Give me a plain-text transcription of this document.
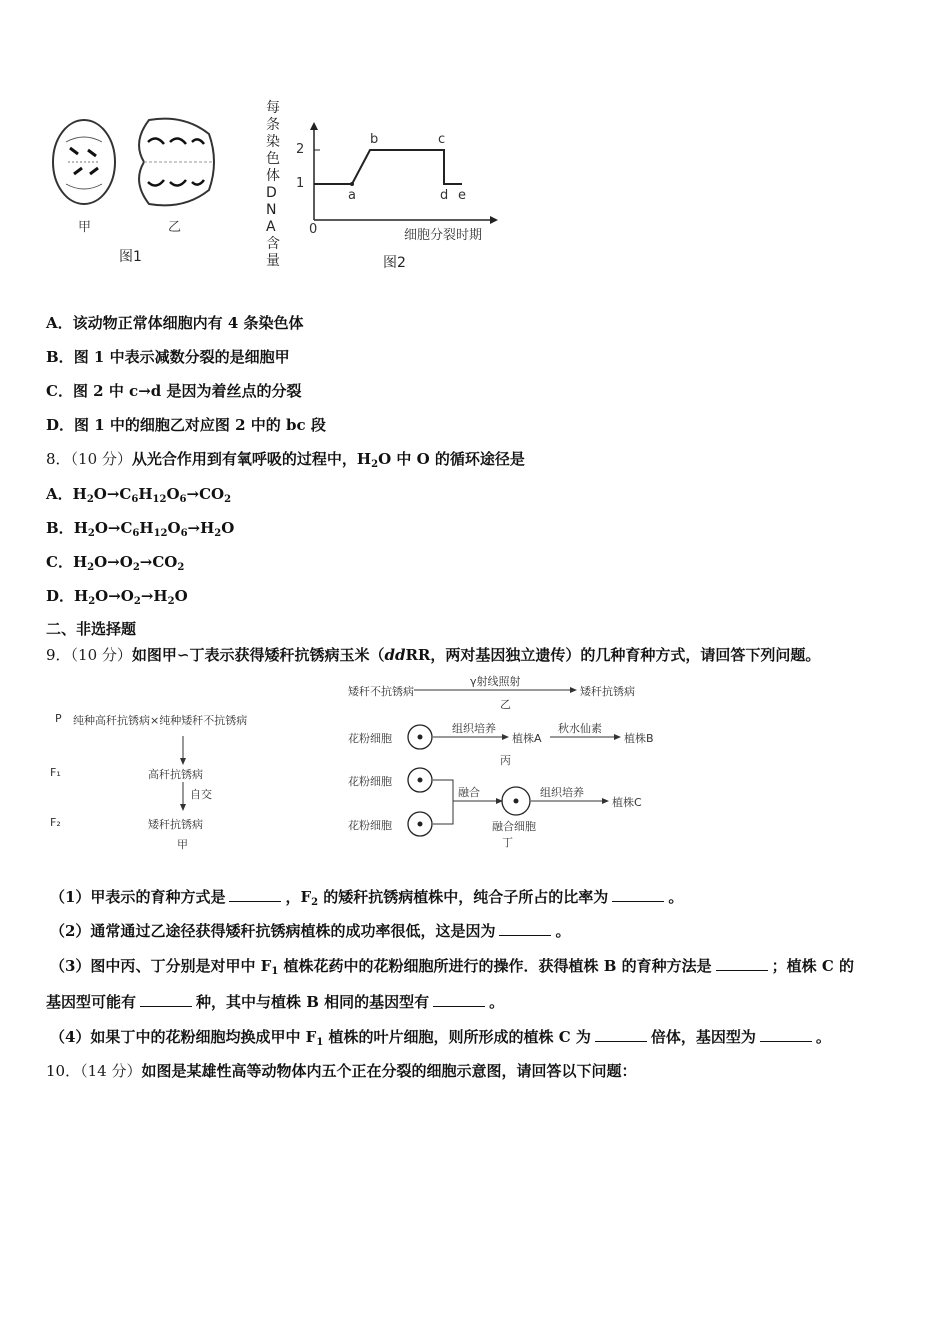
甲	乙
图1
每条染色体DNA含量
1
2
0
a
b	c
d e
细胞分裂时期
图2
A．该动物正常体细胞内有 4 条染色体
B．图 1 中表示减数分裂的是细胞甲
C．图 2 中 c→d 是因为着丝点的分裂
D．图 1 中的细胞乙对应图 2 中的 bc 段
8．（10 分）从光合作用到有氧呼吸的过程中，$H_2O$ 中 O 的循环途径是
A．$H_2O\to C_6H_{12}O_6\to CO_2$
B．$H_2O\to C_6H_{12}O_6\to H_2O$
C．$H_2O\to O_2\to CO_2$
D．$H_2O\to O_2\to H_2O$
二、非选择题
9．（10 分）如图甲∽丁表示获得矮秆抗锈病玉米（ddRR，两对基因独立遗传）的几种育种方式，请回答下列问题。
P 纯种高秆抗锈病×纯种矮秆不抗锈病
F₁	高秆抗锈病
自交
F₂	矮秆抗锈病
甲
矮秆不抗锈病
γ射线照射
矮秆抗锈病
乙
花粉细胞
组织培养
植株A
秋水仙素
植株B
丙
花粉细胞
花粉细胞
融合	组织培养
植株C
融合细胞
丁
（1）甲表示的育种方式是	，$F_2$ 的矮秆抗锈病植株中，纯合子所占的比率为	。
（2）通常通过乙途径获得矮秆抗锈病植株的成功率很低，这是因为	。
（3）图中丙、丁分别是对甲中 $F_1$ 植株花药中的花粉细胞所进行的操作．获得植株 B 的育种方法是	；植株 C 的
基因型可能有	种，其中与植株 B 相同的基因型有	。
（4）如果丁中的花粉细胞均换成甲中 $F_1$ 植株的叶片细胞，则所形成的植株 C 为	倍体，基因型为	。
10．（14 分）如图是某雄性高等动物体内五个正在分裂的细胞示意图，请回答以下问题：
